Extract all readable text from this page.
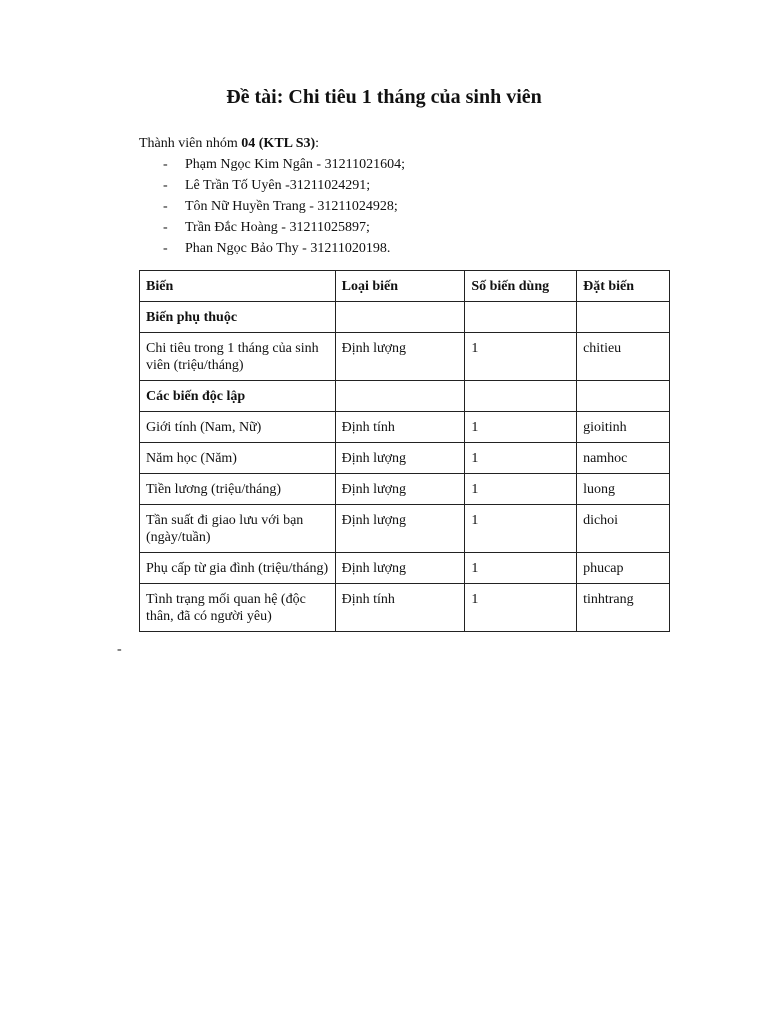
Đề tài: Chi tiêu 1 tháng của sinh viên

Thành viên nhóm 04 (KTL S3):

- Phạm Ngọc Kim Ngân - 31211021604;
- Lê Trần Tố Uyên -31211024291;
- Tôn Nữ Huyền Trang - 31211024928;
- Trần Đắc Hoàng - 31211025897;
- Phan Ngọc Bảo Thy - 31211020198.
Biến	Loại biến	Số biến dùng	Đặt biến
Biến phụ thuộc			
Chi tiêu trong 1 tháng của sinh viên (triệu/tháng)	Định lượng	1	chitieu
Các biến độc lập			
Giới tính (Nam, Nữ)	Định tính	1	gioitinh
Năm học (Năm)	Định lượng	1	namhoc
Tiền lương (triệu/tháng)	Định lượng	1	luong
Tần suất đi giao lưu với bạn (ngày/tuần)	Định lượng	1	dichoi
Phụ cấp từ gia đình (triệu/tháng)	Định lượng	1	phucap
Tình trạng mối quan hệ (độc thân, đã có người yêu)	Định tính	1	tinhtrang
-
